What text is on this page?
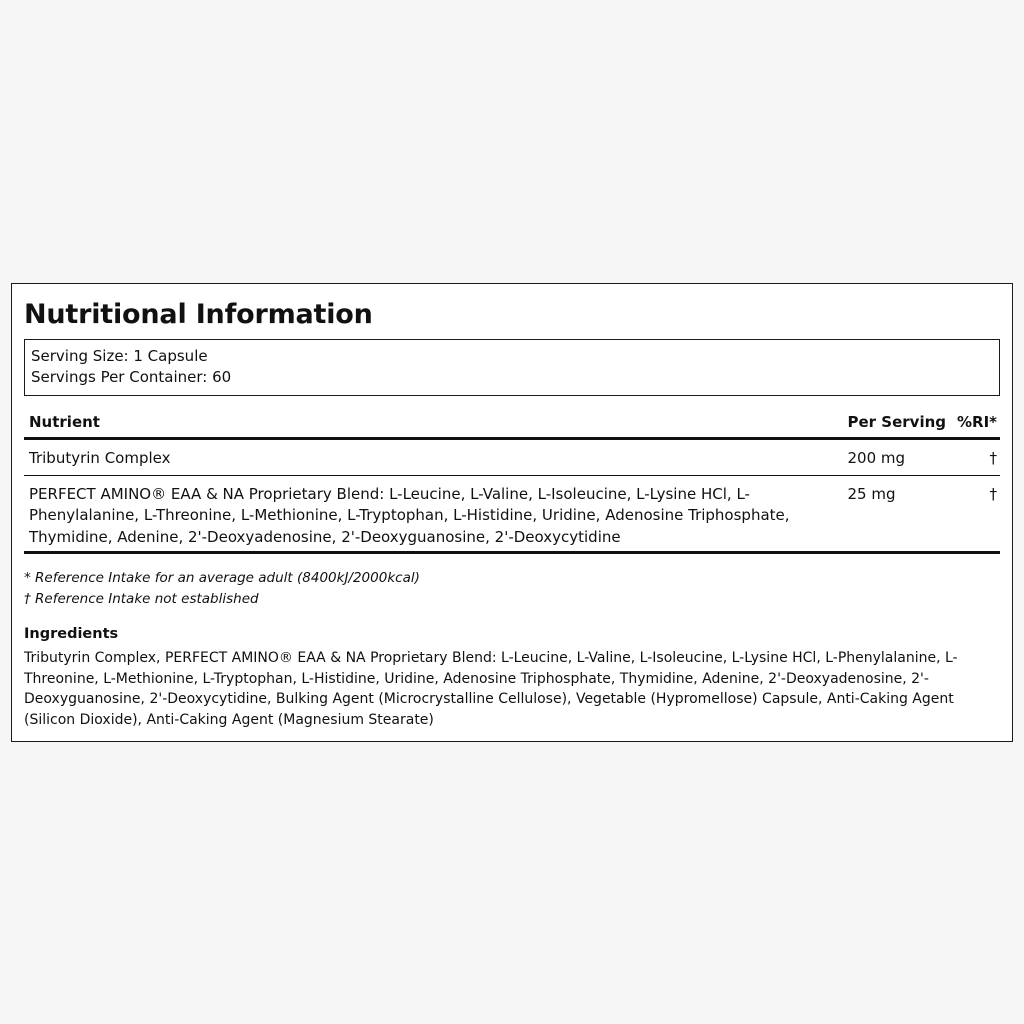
Nutritional Information
Serving Size: 1 Capsule
Servings Per Container: 60
Nutrient	Per Serving	%RI*
Tributyrin Complex	200 mg	†
PERFECT AMINO® EAA & NA Proprietary Blend: L-Leucine, L-Valine, L-Isoleucine, L-Lysine HCl, L-Phenylalanine, L-Threonine, L-Methionine, L-Tryptophan, L-Histidine, Uridine, Adenosine Triphosphate, Thymidine, Adenine, 2'-Deoxyadenosine, 2'-Deoxyguanosine, 2'-Deoxycytidine	25 mg	†
* Reference Intake for an average adult (8400kJ/2000kcal)
† Reference Intake not established
Ingredients

Tributyrin Complex, PERFECT AMINO® EAA & NA Proprietary Blend: L-Leucine, L-Valine, L-Isoleucine, L-Lysine HCl, L-Phenylalanine, L-Threonine, L-Methionine, L-Tryptophan, L-Histidine, Uridine, Adenosine Triphosphate, Thymidine, Adenine, 2'-Deoxyadenosine, 2'-Deoxyguanosine, 2'-Deoxycytidine, Bulking Agent (Microcrystalline Cellulose), Vegetable (Hypromellose) Capsule, Anti-Caking Agent (Silicon Dioxide), Anti-Caking Agent (Magnesium Stearate)
